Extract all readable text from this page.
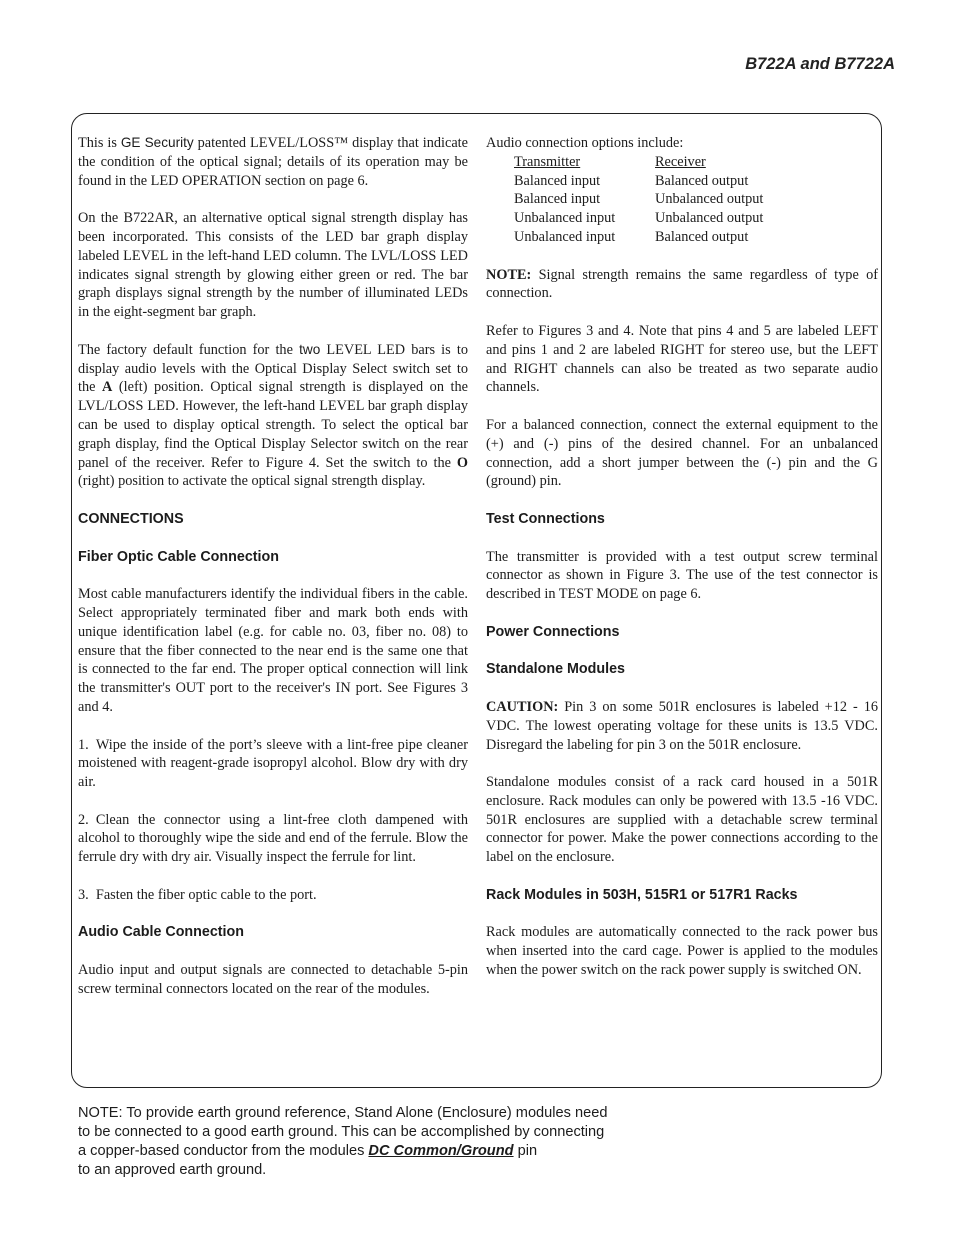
B722A and B7722A

This is GE Security patented LEVEL/LOSS™ display that indicate the condition of the optical signal; details of its operation may be found in the LED OPERATION section on page 6.

On the B722AR, an alternative optical signal strength display has been incorporated. This consists of the LED bar graph display labeled LEVEL in the left-hand LED column. The LVL/LOSS LED indicates signal strength by glowing either green or red. The bar graph displays signal strength by the number of illuminated LEDs in the eight-segment bar graph.

The factory default function for the two LEVEL LED bars is to display audio levels with the Optical Display Select switch set to the A (left) position. Optical signal strength is displayed on the LVL/LOSS LED. However, the left-hand LEVEL bar graph display can be used to display optical strength. To select the optical bar graph display, find the Optical Display Selector switch on the rear panel of the receiver. Refer to Figure 4. Set the switch to the O (right) position to activate the optical signal strength display.

CONNECTIONS
Fiber Optic Cable Connection

Most cable manufacturers identify the individual fibers in the cable. Select appropriately terminated fiber and mark both ends with unique identification label (e.g. for cable no. 03, fiber no. 08) to ensure that the fiber connected to the near end is the same one that is connected to the far end. The proper optical connection will link the transmitter's OUT port to the receiver's IN port. See Figures 3 and 4.

1. Wipe the inside of the port’s sleeve with a lint-free pipe cleaner moistened with reagent-grade isopropyl alcohol. Blow dry with dry air.

2. Clean the connector using a lint-free cloth dampened with alcohol to thoroughly wipe the side and end of the ferrule. Blow the ferrule dry with dry air. Visually inspect the ferrule for lint.

3. Fasten the fiber optic cable to the port.

Audio Cable Connection

Audio input and output signals are connected to detachable 5-pin screw terminal connectors located on the rear of the modules.

Audio connection options include:

Transmitter	Receiver
Balanced input	Balanced output
Balanced input	Unbalanced output
Unbalanced input	Unbalanced output
Unbalanced input	Balanced output

NOTE: Signal strength remains the same regardless of type of connection.

Refer to Figures 3 and 4. Note that pins 4 and 5 are labeled LEFT and pins 1 and 2 are labeled RIGHT for stereo use, but the LEFT and RIGHT channels can also be treated as two separate audio channels.

For a balanced connection, connect the external equipment to the (+) and (-) pins of the desired channel. For an unbalanced connection, add a short jumper between the (-) pin and the G (ground) pin.

Test Connections

The transmitter is provided with a test output screw terminal connector as shown in Figure 3. The use of the test connector is described in TEST MODE on page 6.

Power Connections
Standalone Modules

CAUTION: Pin 3 on some 501R enclosures is labeled +12 - 16 VDC. The lowest operating voltage for these units is 13.5 VDC. Disregard the labeling for pin 3 on the 501R enclosure.

Standalone modules consist of a rack card housed in a 501R enclosure. Rack modules can only be powered with 13.5 -16 VDC. 501R enclosures are supplied with a detachable screw terminal connector for power. Make the power connections according to the label on the enclosure.

Rack Modules in 503H, 515R1 or 517R1 Racks

Rack modules are automatically connected to the rack power bus when inserted into the card cage. Power is applied to the modules when the power switch on the rack power supply is switched ON.

NOTE: To provide earth ground reference, Stand Alone (Enclosure) modules need
to be connected to a good earth ground. This can be accomplished by connecting
a copper-based conductor from the modules DC Common/Ground pin
to an approved earth ground.
